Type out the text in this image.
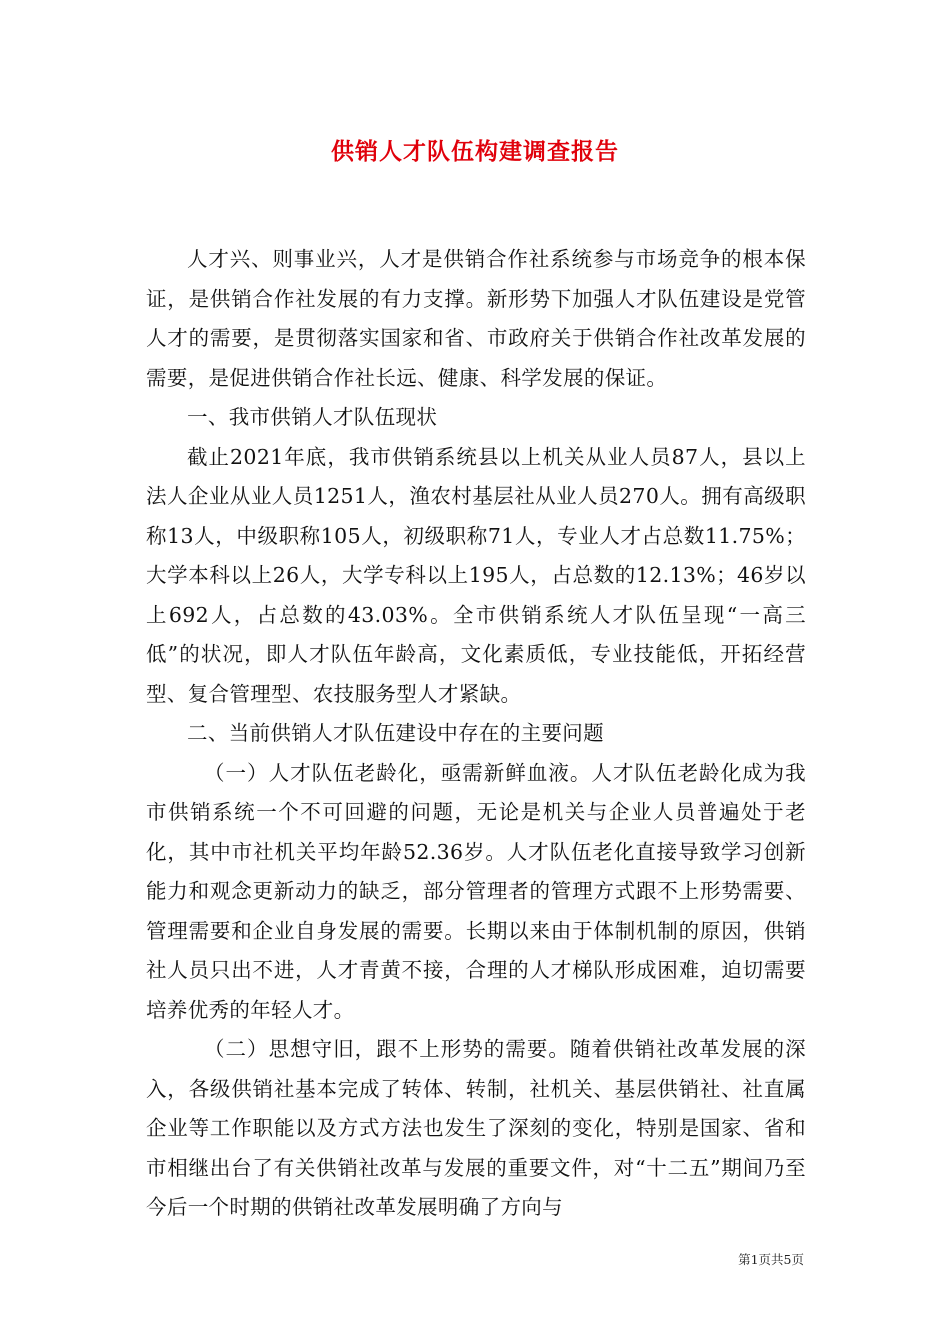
供销人才队伍构建调查报告

人才兴、则事业兴，人才是供销合作社系统参与市场竞争的根本保证，是供销合作社发展的有力支撑。新形势下加强人才队伍建设是党管人才的需要，是贯彻落实国家和省、市政府关于供销合作社改革发展的需要，是促进供销合作社长远、健康、科学发展的保证。

一、我市供销人才队伍现状

截止2021年底，我市供销系统县以上机关从业人员87人，县以上法人企业从业人员1251人，渔农村基层社从业人员270人。拥有高级职称13人，中级职称105人，初级职称71人，专业人才占总数11.75%；大学本科以上26人，大学专科以上195人，占总数的12.13%；46岁以上692人，占总数的43.03%。全市供销系统人才队伍呈现“一高三低”的状况，即人才队伍年龄高，文化素质低，专业技能低，开拓经营型、复合管理型、农技服务型人才紧缺。

二、当前供销人才队伍建设中存在的主要问题

（一）人才队伍老龄化，亟需新鲜血液。人才队伍老龄化成为我市供销系统一个不可回避的问题，无论是机关与企业人员普遍处于老化，其中市社机关平均年龄52.36岁。人才队伍老化直接导致学习创新能力和观念更新动力的缺乏，部分管理者的管理方式跟不上形势需要、管理需要和企业自身发展的需要。长期以来由于体制机制的原因，供销社人员只出不进，人才青黄不接，合理的人才梯队形成困难，迫切需要培养优秀的年轻人才。

（二）思想守旧，跟不上形势的需要。随着供销社改革发展的深入，各级供销社基本完成了转体、转制，社机关、基层供销社、社直属企业等工作职能以及方式方法也发生了深刻的变化，特别是国家、省和市相继出台了有关供销社改革与发展的重要文件，对“十二五”期间乃至今后一个时期的供销社改革发展明确了方向与

第1页共5页
